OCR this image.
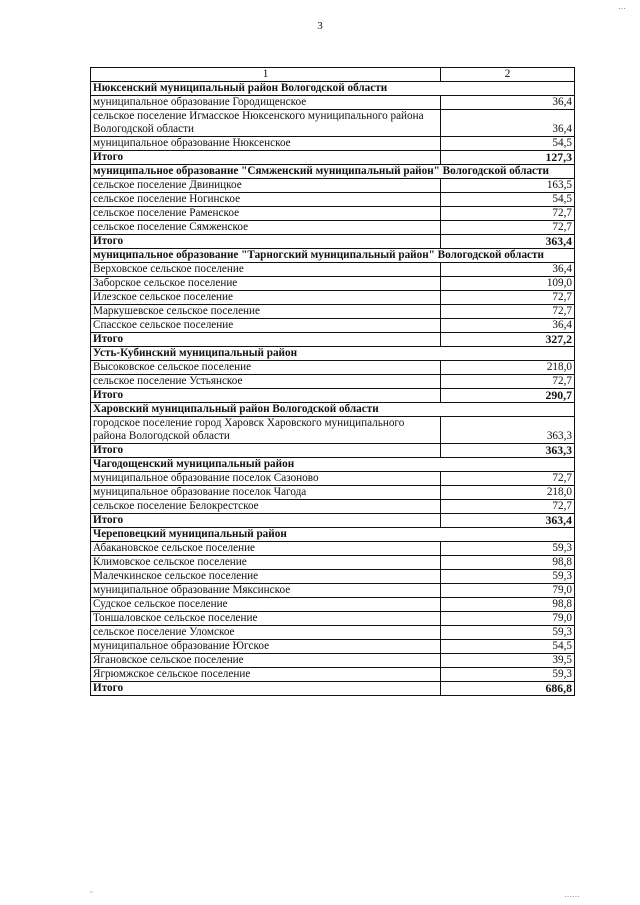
3
…
˜	……
1	2
Нюксенский муниципальный район Вологодской области	
муниципальное образование Городищенское	36,4
сельское поселение Игмасское Нюксенского муниципального района Вологодской области	36,4
муниципальное образование Нюксенское	54,5
Итого	127,3
муниципальное образование "Сямженский муниципальный район" Вологодской области	
сельское поселение Двиницкое	163,5
сельское поселение Ногинское	54,5
сельское поселение Раменское	72,7
сельское поселение Сямженское	72,7
Итого	363,4
муниципальное образование "Тарногский муниципальный район" Вологодской области	
Верховское сельское поселение	36,4
Заборское сельское поселение	109,0
Илезское сельское поселение	72,7
Маркушевское сельское поселение	72,7
Спасское сельское поселение	36,4
Итого	327,2
Усть-Кубинский муниципальный район	
Высоковское сельское поселение	218,0
сельское поселение Устьянское	72,7
Итого	290,7
Харовский муниципальный район Вологодской области	
городское поселение город Харовск Харовского муниципального района Вологодской области	363,3
Итого	363,3
Чагодощенский муниципальный район	
муниципальное образование поселок Сазоново	72,7
муниципальное образование поселок Чагода	218,0
сельское поселение Белокрестское	72,7
Итого	363,4
Череповецкий муниципальный район	
Абакановское сельское поселение	59,3
Климовское сельское поселение	98,8
Малечкинское сельское поселение	59,3
муниципальное образование Мяксинское	79,0
Судское сельское поселение	98,8
Тоншаловское сельское поселение	79,0
сельское поселение Уломское	59,3
муниципальное образование Югское	54,5
Ягановское сельское поселение	39,5
Ягрюмжское сельское поселение	59,3
Итого	686,8
